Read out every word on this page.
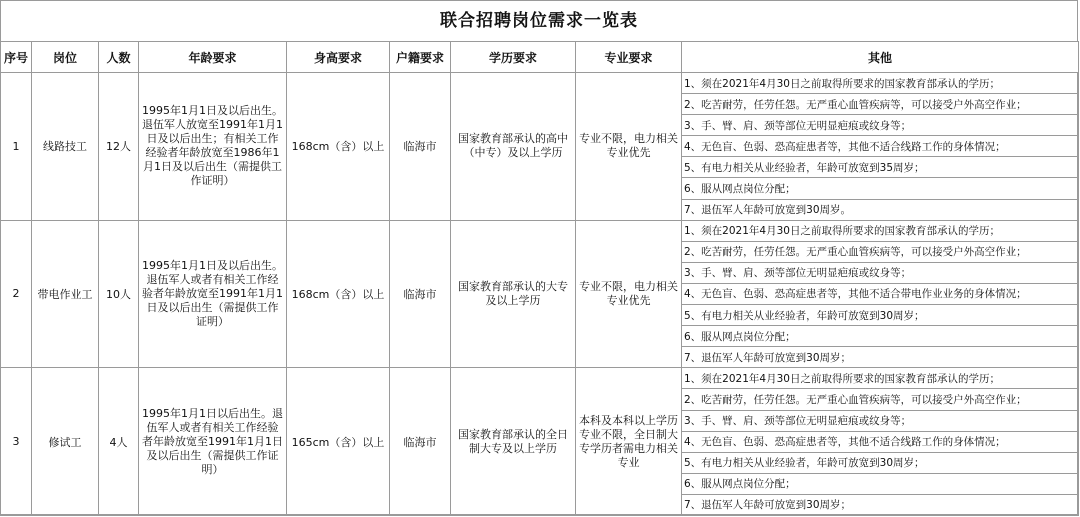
联合招聘岗位需求一览表
序号	岗位	人数	年龄要求	身高要求	户籍要求	学历要求	专业要求	其他
1	线路技工	12人	1995年1月1日及以后出生。退伍军人放宽至1991年1月1日及以后出生；有相关工作经验者年龄放宽至1986年1月1日及以后出生（需提供工作证明）	168cm（含）以上	临海市	国家教育部承认的高中（中专）及以上学历	专业不限，电力相关专业优先	1、须在2021年4月30日之前取得所要求的国家教育部承认的学历；
								2、吃苦耐劳，任劳任怨。无严重心血管疾病等，可以接受户外高空作业；
								3、手、臂、肩、颈等部位无明显疤痕或纹身等；
								4、无色盲、色弱、恐高症患者等，其他不适合线路工作的身体情况；
								5、有电力相关从业经验者，年龄可放宽到35周岁；
								6、服从网点岗位分配；
								7、退伍军人年龄可放宽到30周岁。
2	带电作业工	10人	1995年1月1日及以后出生。退伍军人或者有相关工作经验者年龄放宽至1991年1月1日及以后出生（需提供工作证明）	168cm（含）以上	临海市	国家教育部承认的大专及以上学历	专业不限，电力相关专业优先	1、须在2021年4月30日之前取得所要求的国家教育部承认的学历；
								2、吃苦耐劳，任劳任怨。无严重心血管疾病等，可以接受户外高空作业；
								3、手、臂、肩、颈等部位无明显疤痕或纹身等；
								4、无色盲、色弱、恐高症患者等，其他不适合带电作业业务的身体情况；
								5、有电力相关从业经验者，年龄可放宽到30周岁；
								6、服从网点岗位分配；
								7、退伍军人年龄可放宽到30周岁；
3	修试工	4人	1995年1月1日以后出生。退伍军人或者有相关工作经验者年龄放宽至1991年1月1日及以后出生（需提供工作证明）	165cm（含）以上	临海市	国家教育部承认的全日制大专及以上学历	本科及本科以上学历专业不限，全日制大专学历者需电力相关专业	1、须在2021年4月30日之前取得所要求的国家教育部承认的学历；
								2、吃苦耐劳，任劳任怨。无严重心血管疾病等，可以接受户外高空作业；
								3、手、臂、肩、颈等部位无明显疤痕或纹身等；
								4、无色盲、色弱、恐高症患者等，其他不适合线路工作的身体情况；
								5、有电力相关从业经验者，年龄可放宽到30周岁；
								6、服从网点岗位分配；
								7、退伍军人年龄可放宽到30周岁；
